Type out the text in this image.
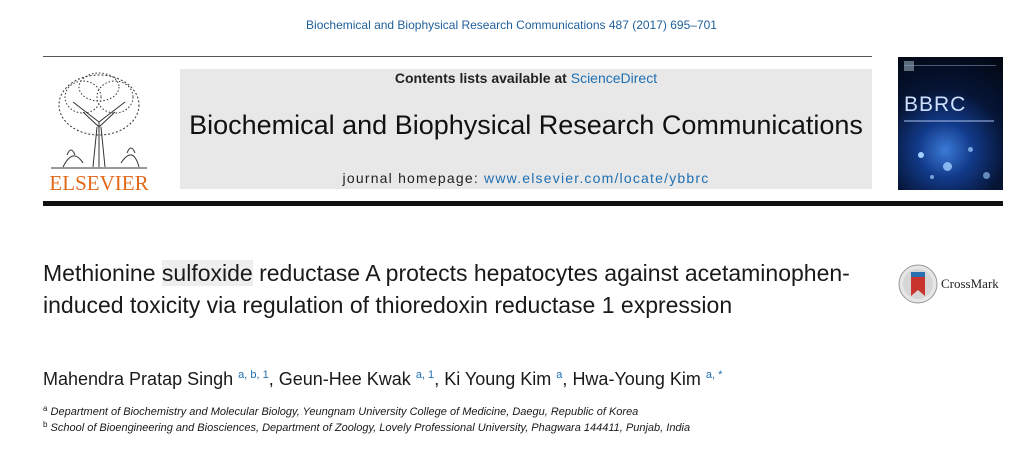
Biochemical and Biophysical Research Communications 487 (2017) 695–701
ELSEVIER
Contents lists available at ScienceDirect
Biochemical and Biophysical Research Communications
journal homepage: www.elsevier.com/locate/ybbrc
BBRC
Methionine sulfoxide reductase A protects hepatocytes against acetaminophen-induced toxicity via regulation of thioredoxin reductase 1 expression
CrossMark
Mahendra Pratap Singh $^{a, b, 1}$, Geun-Hee Kwak $^{a, 1}$, Ki Young Kim $^a$, Hwa-Young Kim $^{a, *}$
$^a$ Department of Biochemistry and Molecular Biology, Yeungnam University College of Medicine, Daegu, Republic of Korea
$^b$ School of Bioengineering and Biosciences, Department of Zoology, Lovely Professional University, Phagwara 144411, Punjab, India
